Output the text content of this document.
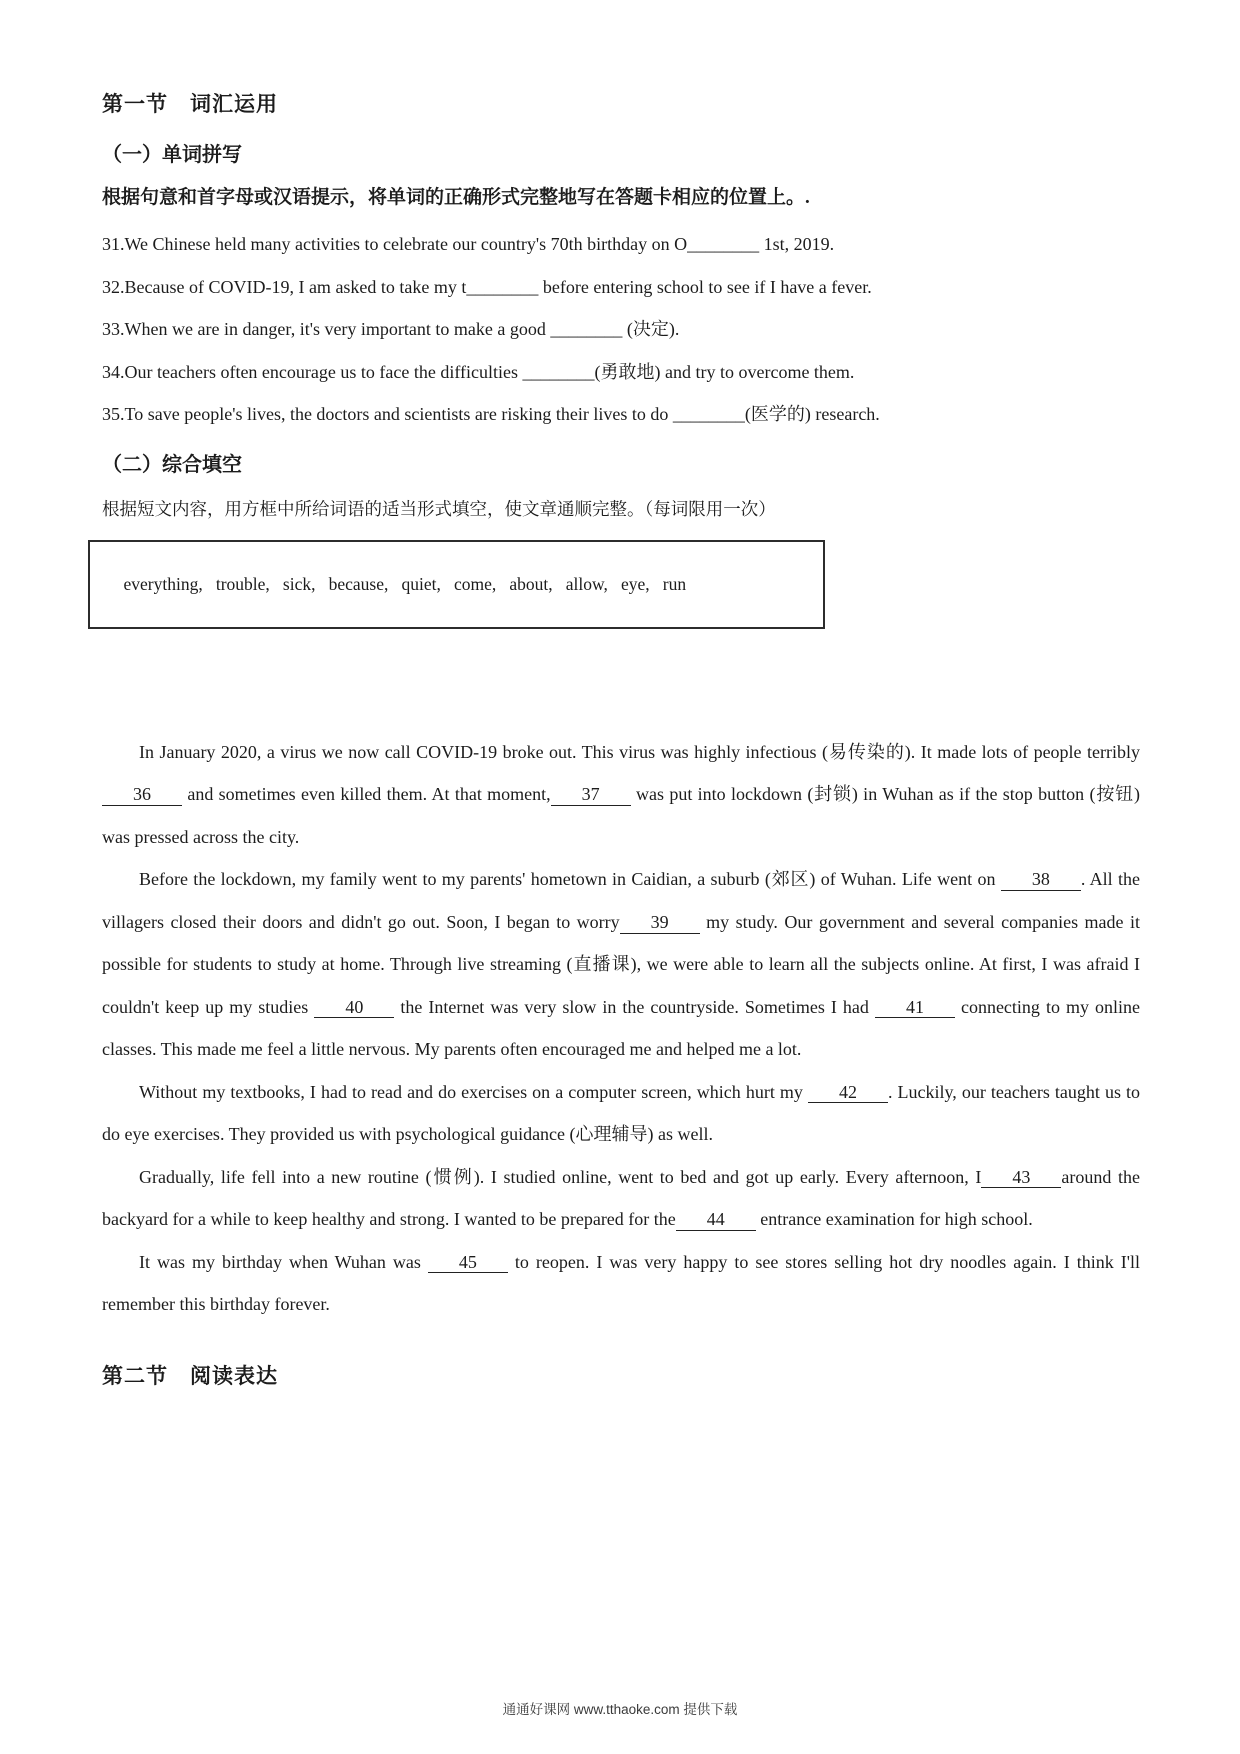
第一节　词汇运用
（一）单词拼写

根据句意和首字母或汉语提示，将单词的正确形式完整地写在答题卡相应的位置上。.

31.We Chinese held many activities to celebrate our country's 70th birthday on O________ 1st, 2019.

32.Because of COVID-19, I am asked to take my t________ before entering school to see if I have a fever.

33.When we are in danger, it's very important to make a good ________ (决定).

34.Our teachers often encourage us to face the difficulties ________(勇敢地) and try to overcome them.

35.To save people's lives, the doctors and scientists are risking their lives to do ________(医学的) research.

（二）综合填空

根据短文内容，用方框中所给词语的适当形式填空，使文章通顺完整。（每词限用一次）

everything,   trouble,   sick,   because,   quiet,   come,   about,   allow,   eye,   run

In January 2020, a virus we now call COVID-19 broke out. This virus was highly infectious (易传染的). It made lots of people terribly36 and sometimes even killed them. At that moment, 37 was put into lockdown (封锁) in Wuhan as if the stop button (按钮) was pressed across the city.

Before the lockdown, my family went to my parents' hometown in Caidian, a suburb (郊区) of Wuhan. Life went on 38 . All the villagers closed their doors and didn't go out. Soon, I began to worry 39 my study. Our government and several companies made it possible for students to study at home. Through live streaming (直播课), we were able to learn all the subjects online. At first, I was afraid I couldn't keep up my studies 40 the Internet was very slow in the countryside. Sometimes I had 41 connecting to my online classes. This made me feel a little nervous. My parents often encouraged me and helped me a lot.

Without my textbooks, I had to read and do exercises on a computer screen, which hurt my 42 . Luckily, our teachers taught us to do eye exercises. They provided us with psychological guidance (心理辅导) as well.

Gradually, life fell into a new routine (惯例). I studied online, went to bed and got up early. Every afternoon, I 43 around the backyard for a while to keep healthy and strong. I wanted to be prepared for the 44 entrance examination for high school.

It was my birthday when Wuhan was 45 to reopen. I was very happy to see stores selling hot dry noodles again. I think I'll remember this birthday forever.

第二节　阅读表达
通通好课网 www.tthaoke.com 提供下载
